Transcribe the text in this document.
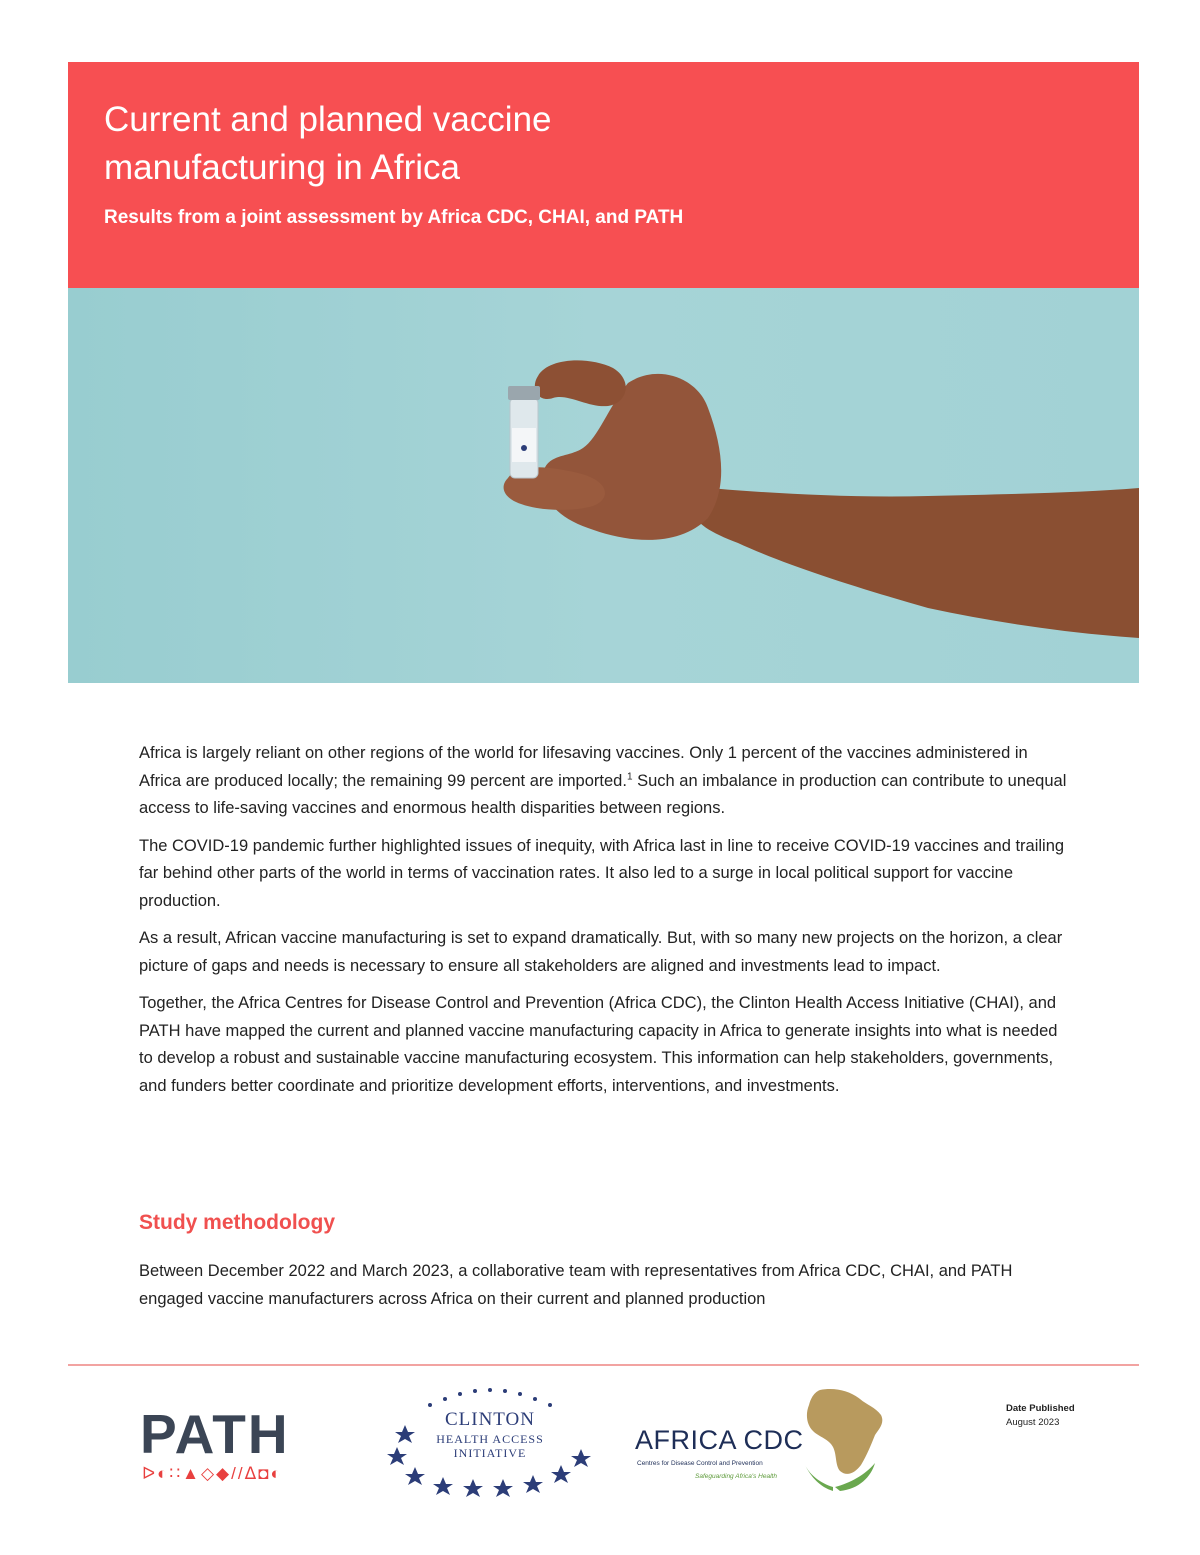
Current and planned vaccine
manufacturing in Africa

Results from a joint assessment by Africa CDC, CHAI, and PATH

Africa is largely reliant on other regions of the world for lifesaving vaccines. Only 1 percent of the vaccines administered in Africa are produced locally; the remaining 99 percent are imported.$^1$ Such an imbalance in production can contribute to unequal access to life-saving vaccines and enormous health disparities between regions.

The COVID-19 pandemic further highlighted issues of inequity, with Africa last in line to receive COVID-19 vaccines and trailing far behind other parts of the world in terms of vaccination rates. It also led to a surge in local political support for vaccine production.

As a result, African vaccine manufacturing is set to expand dramatically. But, with so many new projects on the horizon, a clear picture of gaps and needs is necessary to ensure all stakeholders are aligned and investments lead to impact.

Together, the Africa Centres for Disease Control and Prevention (Africa CDC), the Clinton Health Access Initiative (CHAI), and PATH have mapped the current and planned vaccine manufacturing capacity in Africa to generate insights into what is needed to develop a robust and sustainable vaccine manufacturing ecosystem. This information can help stakeholders, governments, and funders better coordinate and prioritize development efforts, interventions, and investments.

Study methodology

Between December 2022 and March 2023, a collaborative team with representatives from Africa CDC, CHAI, and PATH engaged vaccine manufacturers across Africa on their current and planned production

PATH
ᐅ◐∷▲◇◆//ᐃ◘◐
CLINTON
HEALTH ACCESS
INITIATIVE	AFRICA CDC
Centres for Disease Control and Prevention
Safeguarding Africa's Health
Date Published
August 2023
